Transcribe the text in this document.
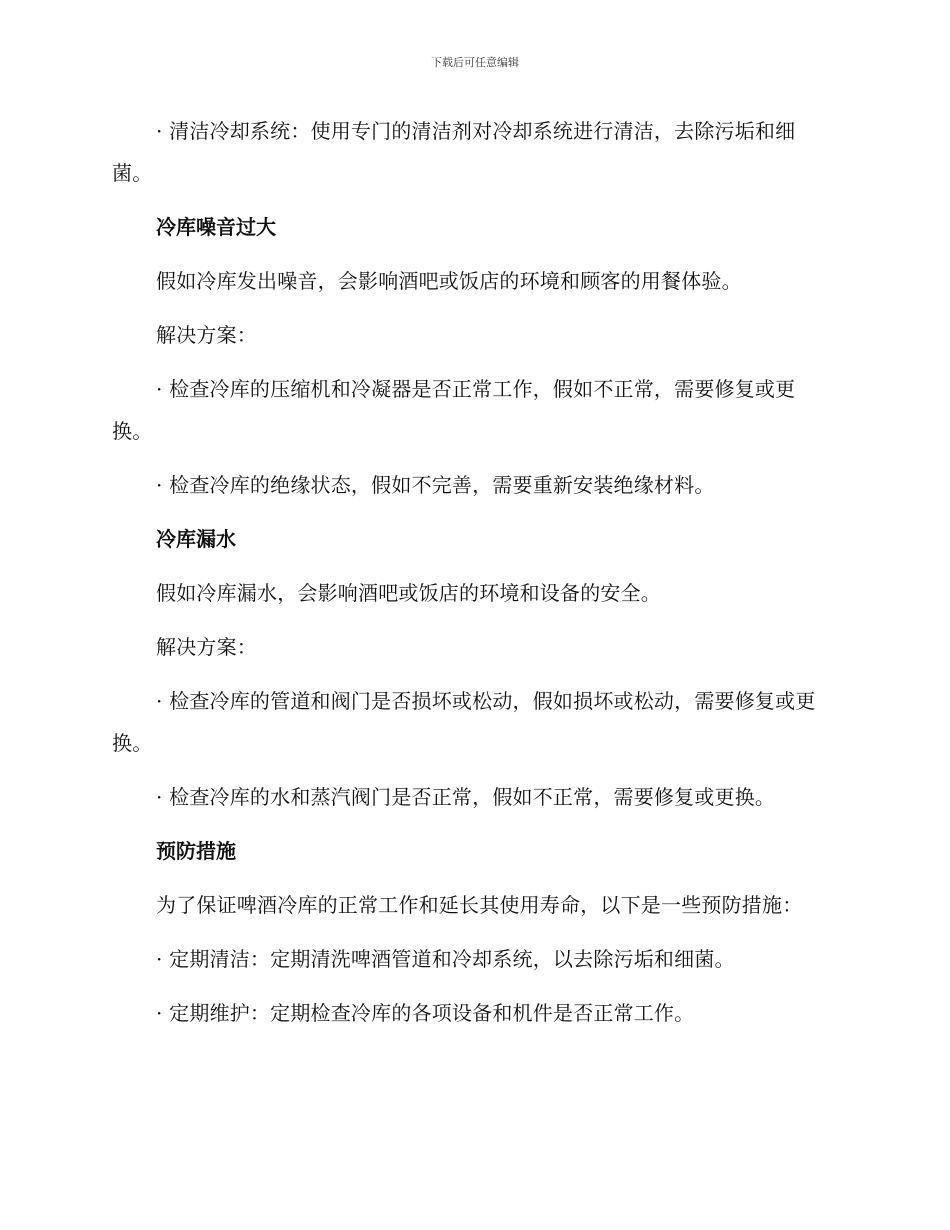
下载后可任意编辑

· 清洁冷却系统：使用专门的清洁剂对冷却系统进行清洁，去除污垢和细菌。

冷库噪音过大

假如冷库发出噪音，会影响酒吧或饭店的环境和顾客的用餐体验。

解决方案：

· 检查冷库的压缩机和冷凝器是否正常工作，假如不正常，需要修复或更换。

· 检查冷库的绝缘状态，假如不完善，需要重新安装绝缘材料。

冷库漏水

假如冷库漏水，会影响酒吧或饭店的环境和设备的安全。

解决方案：

· 检查冷库的管道和阀门是否损坏或松动，假如损坏或松动，需要修复或更换。

· 检查冷库的水和蒸汽阀门是否正常，假如不正常，需要修复或更换。

预防措施

为了保证啤酒冷库的正常工作和延长其使用寿命，以下是一些预防措施：

· 定期清洁：定期清洗啤酒管道和冷却系统，以去除污垢和细菌。

· 定期维护：定期检查冷库的各项设备和机件是否正常工作。
